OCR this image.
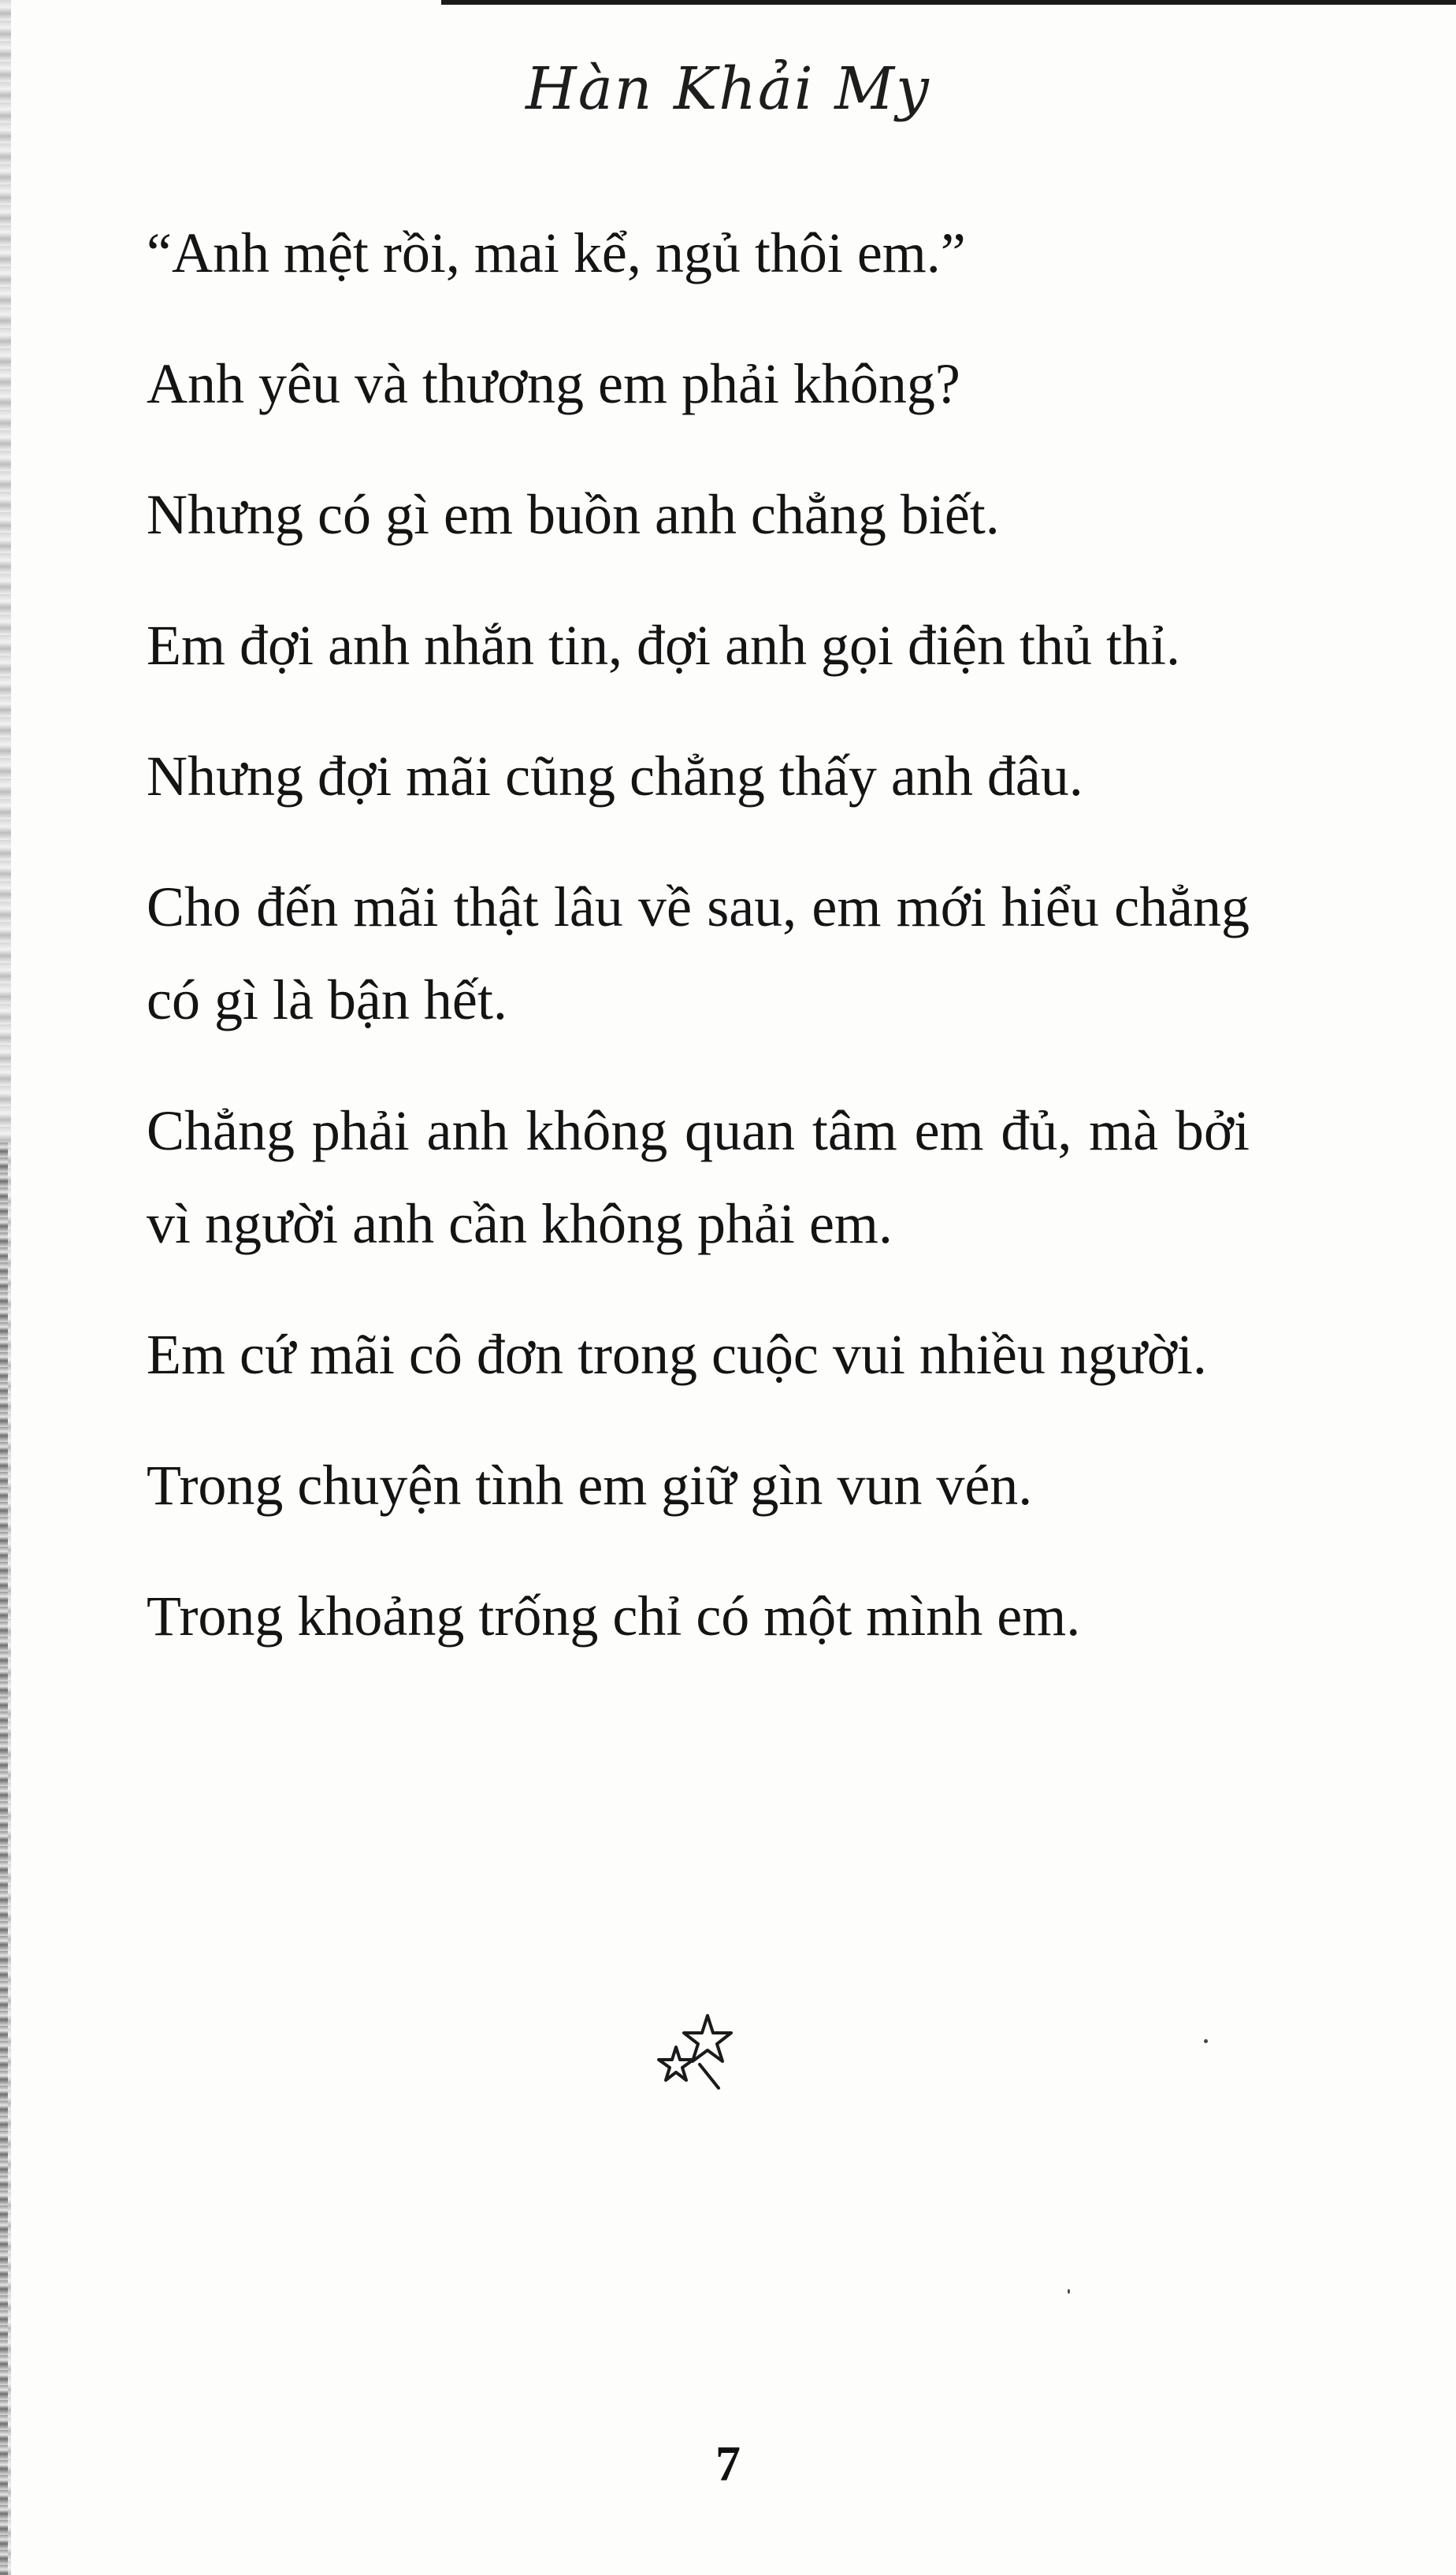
Hàn Khải My

“Anh mệt rồi, mai kể, ngủ thôi em.”

Anh yêu và thương em phải không?

Nhưng có gì em buồn anh chẳng biết.

Em đợi anh nhắn tin, đợi anh gọi điện thủ thỉ.

Nhưng đợi mãi cũng chẳng thấy anh đâu.

Cho đến mãi thật lâu về sau, em mới hiểu chẳng có gì là bận hết.

Chẳng phải anh không quan tâm em đủ, mà bởi vì người anh cần không phải em.

Em cứ mãi cô đơn trong cuộc vui nhiều người.

Trong chuyện tình em giữ gìn vun vén.

Trong khoảng trống chỉ có một mình em.

7
